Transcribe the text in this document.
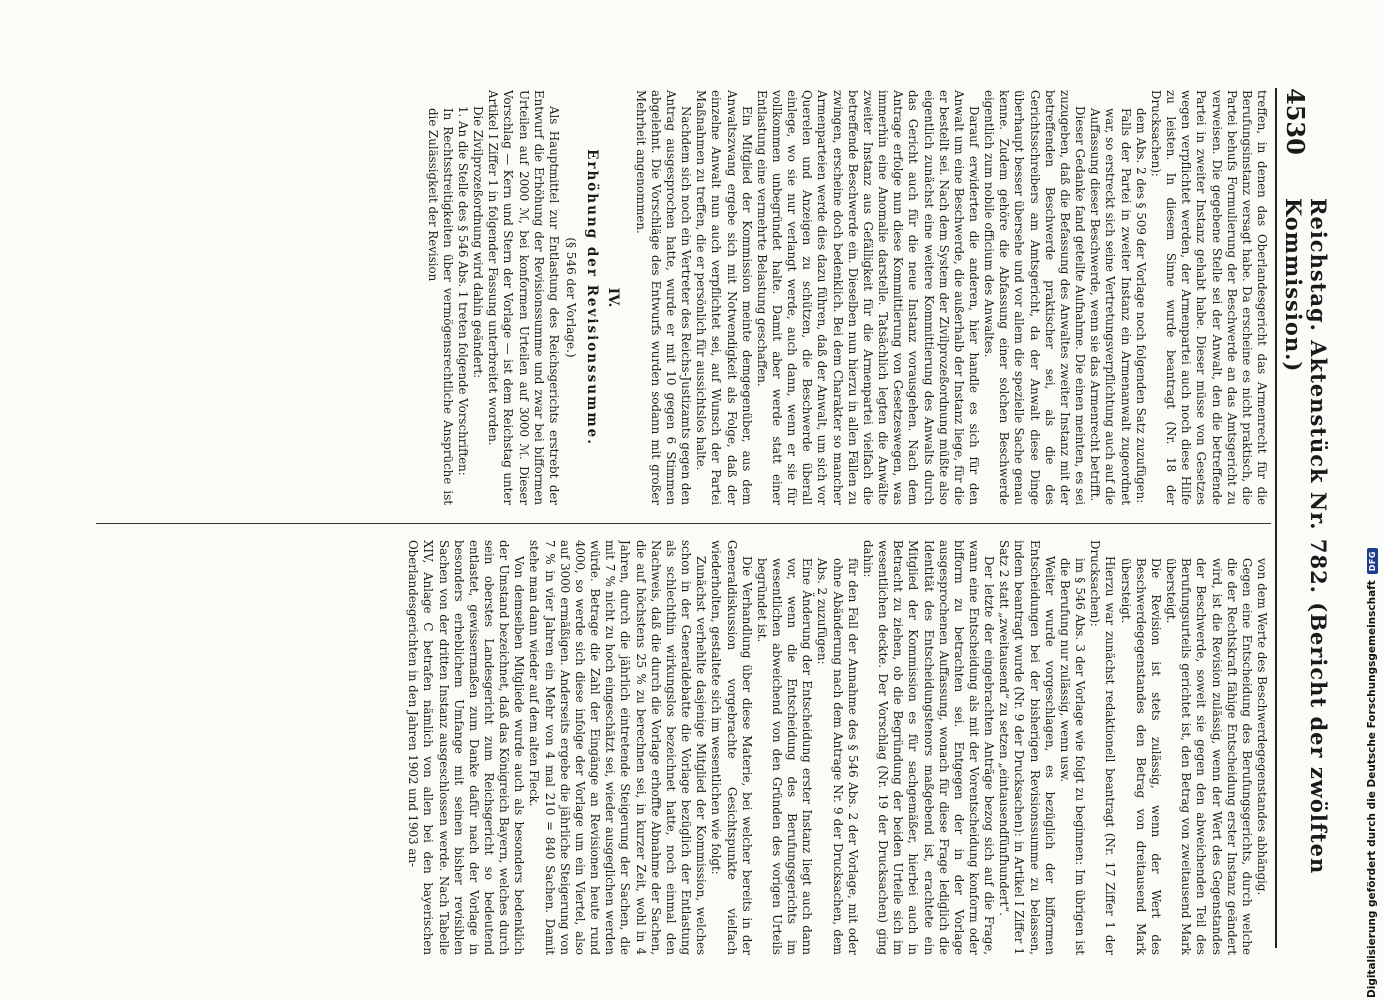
4530
Reichstag. Aktenstück Nr. 782. (Bericht der zwölften Kommission.)

treffen, in denen das Oberlandesgericht das Armenrecht für die Berufungsinstanz versagt habe. Da erscheine es nicht praktisch, die Partei behufs Formulierung der Beschwerde an das Amtsgericht zu verweisen. Die gegebene Stelle sei der Anwalt, den die betreffende Partei in zweiter Instanz gehabt habe. Dieser müsse von Gesetzes wegen verpflichtet werden, der Armenpartei auch noch diese Hilfe zu leisten. In diesem Sinne wurde beantragt (Nr. 18 der Drucksachen):

dem Abs. 2 des § 509 der Vorlage noch folgenden Satz zuzufügen:

Falls der Partei in zweiter Instanz ein Armenanwalt zugeordnet war, so erstreckt sich seine Vertretungsverpflichtung auch auf die Auffassung dieser Beschwerde, wenn sie das Armenrecht betrifft.

Dieser Gedanke fand geteilte Aufnahme. Die einen meinten, es sei zuzugeben, daß die Befassung des Anwaltes zweiter Instanz mit der betreffenden Beschwerde praktischer sei, als die des Gerichtsschreibers am Amtsgericht, da der Anwalt diese Dinge überhaupt besser übersehe und vor allem die spezielle Sache genau kenne. Zudem gehöre die Abfassung einer solchen Beschwerde eigentlich zum nobile officium des Anwaltes.

Darauf erwiderten die anderen, hier handle es sich für den Anwalt um eine Beschwerde, die außerhalb der Instanz liege, für die er bestellt sei. Nach dem System der Zivilprozeßordnung müßte also eigentlich zunächst eine weitere Kommittierung des Anwalts durch das Gericht auch für die neue Instanz vorausgehen. Nach dem Antrage erfolge nun diese Kommittierung von Gesetzeswegen, was immerhin eine Anomalie darstelle. Tatsächlich legten die Anwälte zweiter Instanz aus Gefälligkeit für die Armenpartei vielfach die betreffende Beschwerde ein. Dieselben nun hierzu in allen Fällen zu zwingen, erscheine doch bedenklich. Bei dem Charakter so mancher Armenparteien werde dies dazu führen, daß der Anwalt, um sich vor Querelen und Anzeigen zu schützen, die Beschwerde überall einlege, wo sie nur verlangt werde, auch dann, wenn er sie für vollkommen unbegründet halte. Damit aber werde statt einer Entlastung eine vermehrte Belastung geschaffen.

Ein Mitglied der Kommission meinte demgegenüber, aus dem Anwaltszwang ergebe sich mit Notwendigkeit als Folge, daß der einzelne Anwalt nun auch verpflichtet sei, auf Wunsch der Partei Maßnahmen zu treffen, die er persönlich für aussichtslos halte.

Nachdem sich noch ein Vertreter des Reichs-Justizamts gegen den Antrag ausgesprochen hatte, wurde er mit 10 gegen 6 Stimmen abgelehnt. Die Vorschläge des Entwurfs wurden sodann mit großer Mehrheit angenommen.

IV.

Erhöhung der Revisionssumme.

(§ 546 der Vorlage.)

Als Hauptmittel zur Entlastung des Reichsgerichts erstrebt der Entwurf die Erhöhung der Revisionssumme und zwar bei bifformen Urteilen auf 2000 ℳ, bei konformen Urteilen auf 3000 ℳ. Dieser Vorschlag — Kern und Stern der Vorlage — ist dem Reichstag unter Artikel I Ziffer 1 in folgender Fassung unterbreitet worden.

Die Zivilprozeßordnung wird dahin geändert:

1. An die Stelle des § 546 Abs. 1 treten folgende Vorschriften:

In Rechtsstreitigkeiten über vermögensrechtliche Ansprüche ist die Zulässigkeit der Revision

von dem Werte des Beschwerdegegenstandes abhängig.

Gegen eine Entscheidung des Berufungsgerichts, durch welche die der Rechtskraft fähige Entscheidung erster Instanz geändert wird, ist die Revision zulässig, wenn der Wert des Gegenstandes der Beschwerde, soweit sie gegen den abweichenden Teil des Berufungsurteils gerichtet ist, den Betrag von zweitausend Mark übersteigt.

Die Revision ist stets zulässig, wenn der Wert des Beschwerdegegenstandes den Betrag von dreitausend Mark übersteigt.

Hierzu war zunächst redaktionell beantragt (Nr. 17 Ziffer 1 der Drucksachen):

im § 546 Abs. 3 der Vorlage wie folgt zu beginnen: Im übrigen ist die Berufung nur zulässig, wenn usw.

Weiter wurde vorgeschlagen, es bezüglich der bifformen Entscheidungen bei der bisherigen Revisionssumme zu belassen, indem beantragt wurde (Nr. 9 der Drucksachen): in Artikel I Ziffer 1 Satz 2 statt „zweitausend“ zu setzen „eintausendfünfhundert“.

Der letzte der eingebrachten Anträge bezog sich auf die Frage, wann eine Entscheidung als mit der Vorentscheidung konform oder bifform zu betrachten sei. Entgegen der in der Vorlage ausgesprochenen Auffassung, wonach für diese Frage lediglich die Identität des Entscheidungstenors maßgebend ist, erachtete ein Mitglied der Kommission es für sachgemäßer, hierbei auch in Betracht zu ziehen, ob die Begründung der beiden Urteile sich im wesentlichen deckte. Der Vorschlag (Nr. 19 der Drucksachen) ging dahin:

für den Fall der Annahme des § 546 Abs. 2 der Vorlage, mit oder ohne Abänderung nach dem Antrage Nr. 9 der Drucksachen, dem Abs. 2 zuzufügen:

Eine Änderung der Entscheidung erster Instanz liegt auch dann vor, wenn die Entscheidung des Berufungsgerichts im wesentlichen abweichend von den Gründen des vorigen Urteils begründet ist.

Die Verhandlung über diese Materie, bei welcher bereits in der Generaldiskussion vorgebrachte Gesichtspunkte vielfach wiederholten, gestaltete sich im wesentlichen wie folgt:

Zunächst verhehlte dasjenige Mitglied der Kommission, welches schon in der Generaldebatte die Vorlage bezüglich der Entlastung als schlechthin wirkungslos bezeichnet hatte, noch einmal den Nachweis, daß die durch die Vorlage erhoffte Abnahme der Sachen, die auf höchstens 25 % zu berechnen sei, in kurzer Zeit, wohl in 4 Jahren, durch die jährlich eintretende Steigerung der Sachen, die mit 7 % nicht zu hoch eingeschätzt sei, wieder ausgeglichen werden würde. Betrage die Zahl der Eingänge an Revisionen heute rund 4000, so werde sich diese infolge der Vorlage um ein Viertel, also auf 3000 ermäßigen. Anderseits ergebe die jährliche Steigerung von 7 % in vier Jahren ein Mehr von 4 mal 210 = 840 Sachen. Damit stehe man dann wieder auf dem alten Fleck.

Von demselben Mitgliede wurde auch als besonders bedenklich der Umstand bezeichnet, daß das Königreich Bayern, welches durch sein oberstes Landesgericht zum Reichsgericht so bedeutend entlastet, gewissermaßen zum Danke dafür nach der Vorlage in besonders erheblichem Umfange mit seinen bisher revisiblen Sachen von der dritten Instanz ausgeschlossen werde. Nach Tabelle XIV, Anlage C betrafen nämlich von allen bei den bayerischen Oberlandesgerichten in den Jahren 1902 und 1903 an-	Digitalisierung gefördert durch die Deutsche Forschungsgemeinschaft
DFG
